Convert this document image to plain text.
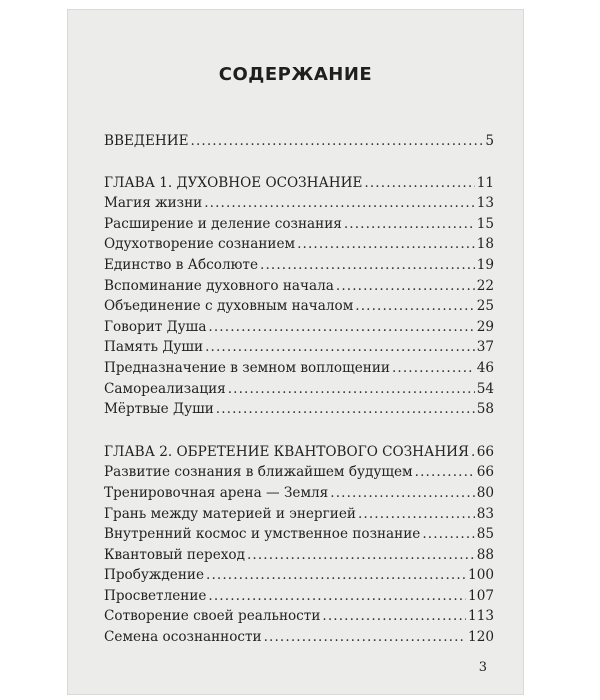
СОДЕРЖАНИЕ
ВВЕДЕНИЕ . . .	5
ГЛАВА 1. ДУХОВНОЕ ОСОЗНАНИЕ . . .	11
Магия жизни . . .	13
Расширение и деление сознания . . .	15
Одухотворение сознанием . . .	18
Единство в Абсолюте . . .	19
Вспоминание духовного начала . . .	22
Объединение с духовным началом . . .	25
Говорит Душа . . .	29
Память Души . . .	37
Предназначение в земном воплощении . . .	46
Самореализация . . .	54
Мёртвые Души . . .	58
ГЛАВА 2. ОБРЕТЕНИЕ КВАНТОВОГО СОЗНАНИЯ . . . 66
Развитие сознания в ближайшем будущем . . .	66
Тренировочная арена — Земля . . .	80
Грань между материей и энергией . . .	83
Внутренний космос и умственное познание . . .	85
Квантовый переход . . .	88
Пробуждение . . .	100
Просветление . . .	107
Сотворение своей реальности . . .	113
Семена осознанности . . .	120
3
